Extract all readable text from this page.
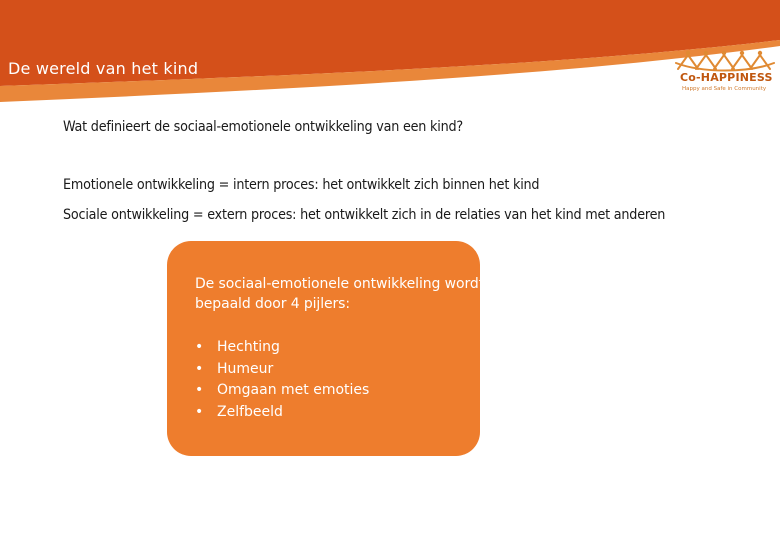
De wereld van het kind	Co-HAPPINESS
Happy and Safe in Community
Wat definieert de sociaal-emotionele ontwikkeling van een kind?
Emotionele ontwikkeling = intern proces: het ontwikkelt zich binnen het kind
Sociale ontwikkeling = extern proces: het ontwikkelt zich in de relaties van het kind met anderen
De sociaal-emotionele ontwikkeling wordt bepaald door 4 pijlers:
• Hechting
• Humeur
• Omgaan met emoties
• Zelfbeeld
